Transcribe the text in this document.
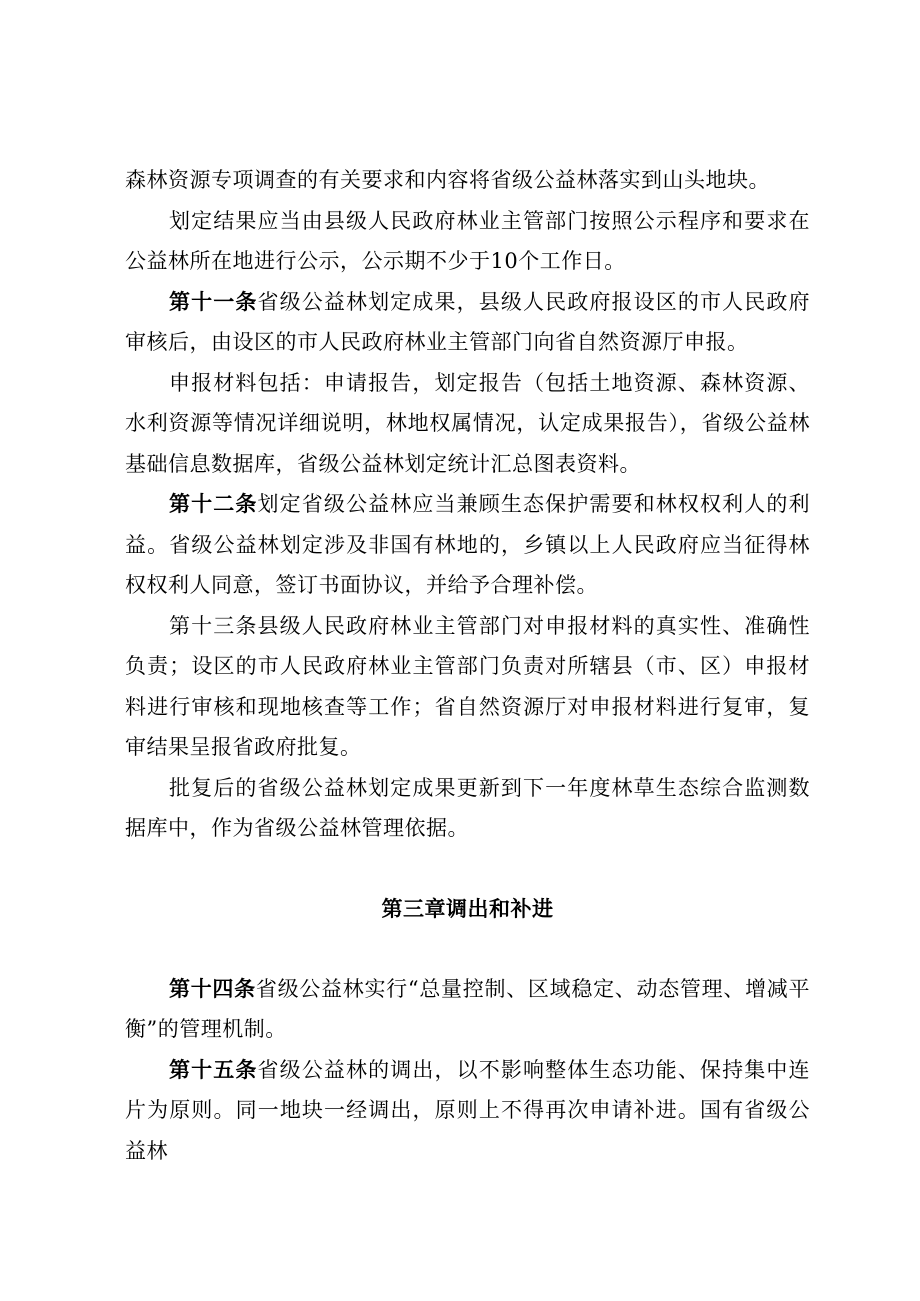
森林资源专项调查的有关要求和内容将省级公益林落实到山头地块。

划定结果应当由县级人民政府林业主管部门按照公示程序和要求在公益林所在地进行公示，公示期不少于10个工作日。

第十一条省级公益林划定成果，县级人民政府报设区的市人民政府审核后，由设区的市人民政府林业主管部门向省自然资源厅申报。

申报材料包括：申请报告，划定报告（包括土地资源、森林资源、水利资源等情况详细说明，林地权属情况，认定成果报告），省级公益林基础信息数据库，省级公益林划定统计汇总图表资料。

第十二条划定省级公益林应当兼顾生态保护需要和林权权利人的利益。省级公益林划定涉及非国有林地的，乡镇以上人民政府应当征得林权权利人同意，签订书面协议，并给予合理补偿。

第十三条县级人民政府林业主管部门对申报材料的真实性、准确性负责；设区的市人民政府林业主管部门负责对所辖县（市、区）申报材料进行审核和现地核查等工作；省自然资源厅对申报材料进行复审，复审结果呈报省政府批复。

批复后的省级公益林划定成果更新到下一年度林草生态综合监测数据库中，作为省级公益林管理依据。

第三章调出和补进

第十四条省级公益林实行“总量控制、区域稳定、动态管理、增减平衡”的管理机制。

第十五条省级公益林的调出，以不影响整体生态功能、保持集中连片为原则。同一地块一经调出，原则上不得再次申请补进。国有省级公益林
